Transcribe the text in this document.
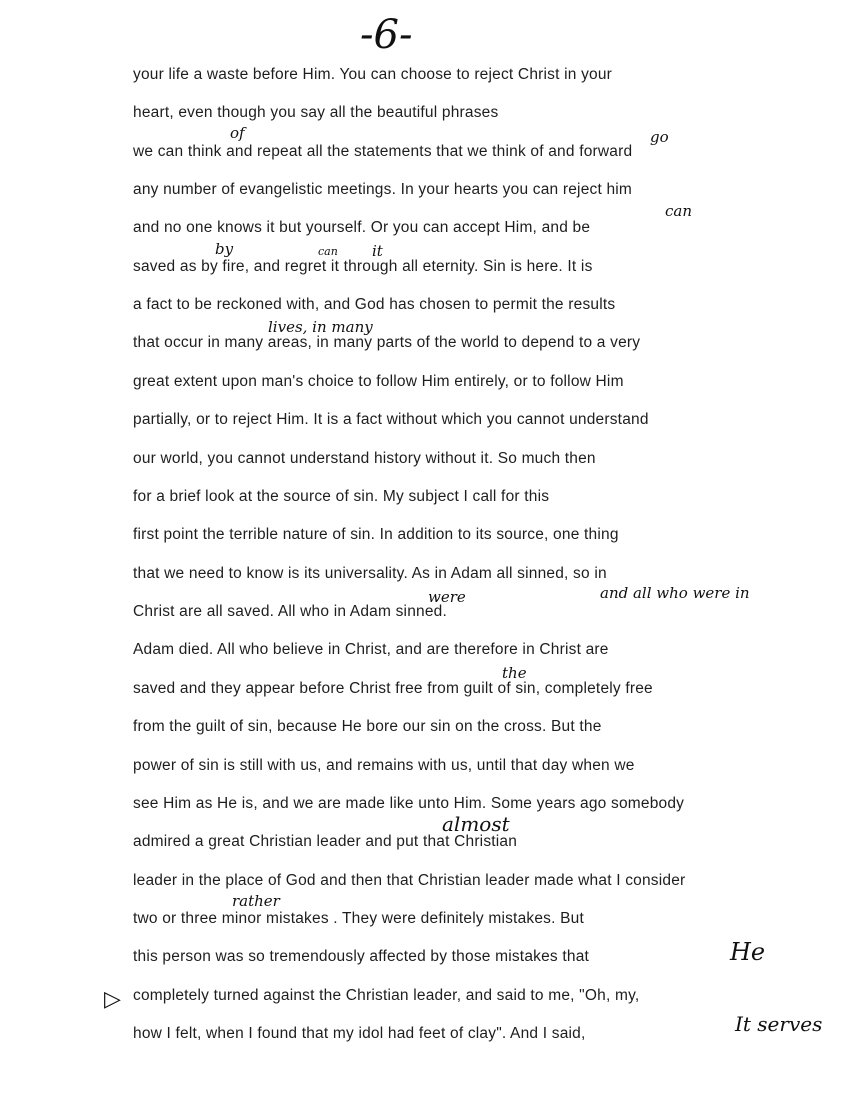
-6-
your life a waste before Him. You can choose to reject Christ in your
heart, even though you say all the beautiful phrases
we can think and repeat all the statements that we think of and forward
any number of evangelistic meetings. In your hearts you can reject him
and no one knows it but yourself. Or you can accept Him, and be
saved as by fire, and regret it through all eternity. Sin is here. It is
a fact to be reckoned with, and God has chosen to permit the results
that occur in many areas, in many parts of the world to depend to a very
great extent upon man's choice to follow Him entirely, or to follow Him
partially, or to reject Him. It is a fact without which you cannot understand
our world, you cannot understand history without it. So much then
for a brief look at the source of sin. My subject I call for this
first point the terrible nature of sin. In addition to its source, one thing
that we need to know is its universality. As in Adam all sinned, so in
Christ are all saved. All who in Adam sinned.
Adam died. All who believe in Christ, and are therefore in Christ are
saved and they appear before Christ free from guilt of sin, completely free
from the guilt of sin, because He bore our sin on the cross. But the
power of sin is still with us, and remains with us, until that day when we
see Him as He is, and we are made like unto Him. Some years ago somebody
admired a great Christian leader and put that Christian
leader in the place of God and then that Christian leader made what I consider
two or three minor mistakes . They were definitely mistakes. But
this person was so tremendously affected by those mistakes that
completely turned against the Christian leader, and said to me, "Oh, my,
how I felt, when I found that my idol had feet of clay". And I said,
of	go
can
by	can it
lives, in many
were	and all who were in
the
almost
rather
He
It serves
▷
